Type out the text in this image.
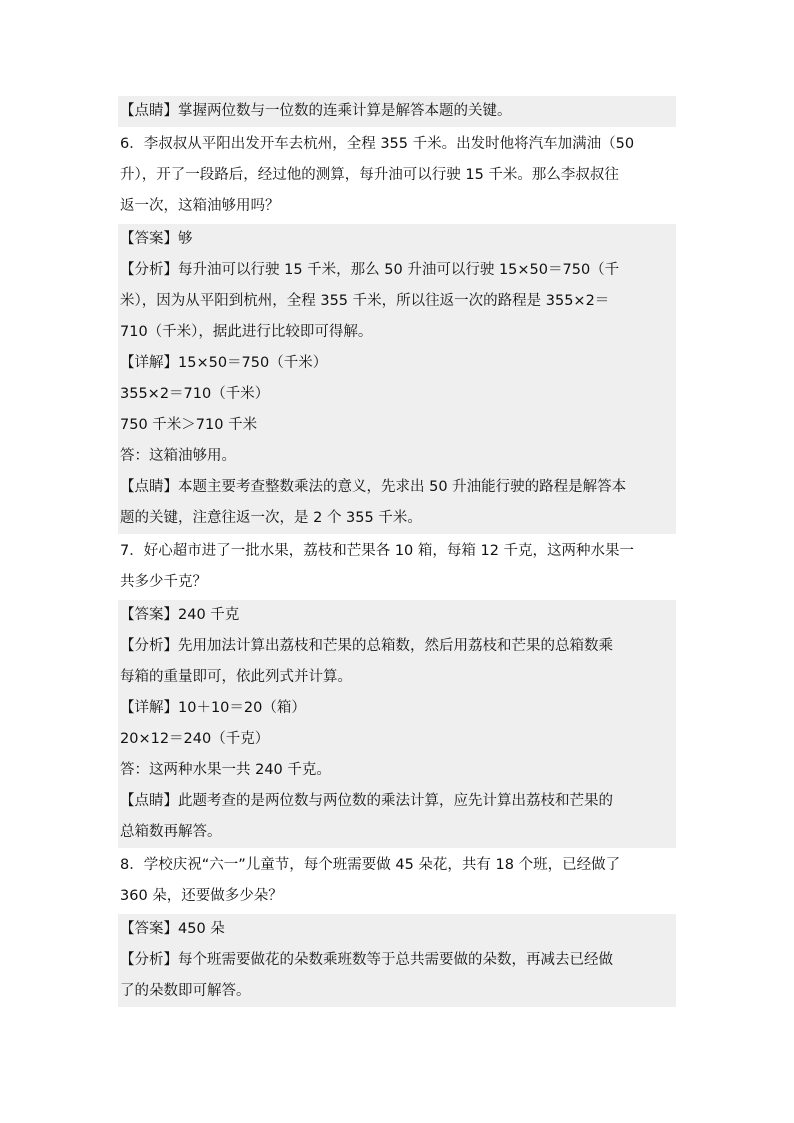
【点睛】掌握两位数与一位数的连乘计算是解答本题的关键。
6．李叔叔从平阳出发开车去杭州，全程 355 千米。出发时他将汽车加满油（50
升），开了一段路后，经过他的测算，每升油可以行驶 15 千米。那么李叔叔往
返一次，这箱油够用吗？
【答案】够
【分析】每升油可以行驶 15 千米，那么 50 升油可以行驶 15×50＝750（千
米），因为从平阳到杭州，全程 355 千米，所以往返一次的路程是 355×2＝
710（千米），据此进行比较即可得解。
【详解】15×50＝750（千米）
355×2＝710（千米）
750 千米＞710 千米
答：这箱油够用。
【点睛】本题主要考查整数乘法的意义，先求出 50 升油能行驶的路程是解答本
题的关键，注意往返一次，是 2 个 355 千米。
7．好心超市进了一批水果，荔枝和芒果各 10 箱，每箱 12 千克，这两种水果一
共多少千克？
【答案】240 千克
【分析】先用加法计算出荔枝和芒果的总箱数，然后用荔枝和芒果的总箱数乘
每箱的重量即可，依此列式并计算。
【详解】10＋10＝20（箱）
20×12＝240（千克）
答：这两种水果一共 240 千克。
【点睛】此题考查的是两位数与两位数的乘法计算，应先计算出荔枝和芒果的
总箱数再解答。
8．学校庆祝“六一”儿童节，每个班需要做 45 朵花，共有 18 个班，已经做了
360 朵，还要做多少朵？
【答案】450 朵
【分析】每个班需要做花的朵数乘班数等于总共需要做的朵数，再减去已经做
了的朵数即可解答。
